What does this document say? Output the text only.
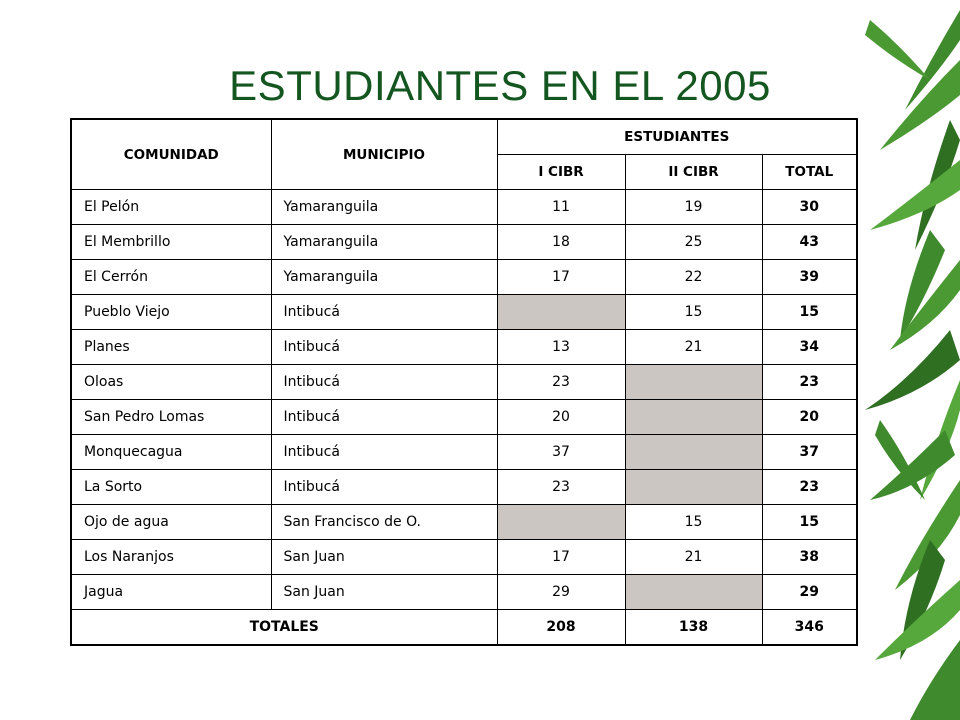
ESTUDIANTES EN EL 2005
COMUNIDAD	MUNICIPIO	ESTUDIANTES		
		I CIBR	II CIBR	TOTAL
El Pelón	Yamaranguila	11	19	30
El Membrillo	Yamaranguila	18	25	43
El Cerrón	Yamaranguila	17	22	39
Pueblo Viejo	Intibucá		15	15
Planes	Intibucá	13	21	34
Oloas	Intibucá	23		23
San Pedro Lomas	Intibucá	20		20
Monquecagua	Intibucá	37		37
La Sorto	Intibucá	23		23
Ojo de agua	San Francisco de O.		15	15
Los Naranjos	San Juan	17	21	38
Jagua	San Juan	29		29
TOTALES		208	138	346
